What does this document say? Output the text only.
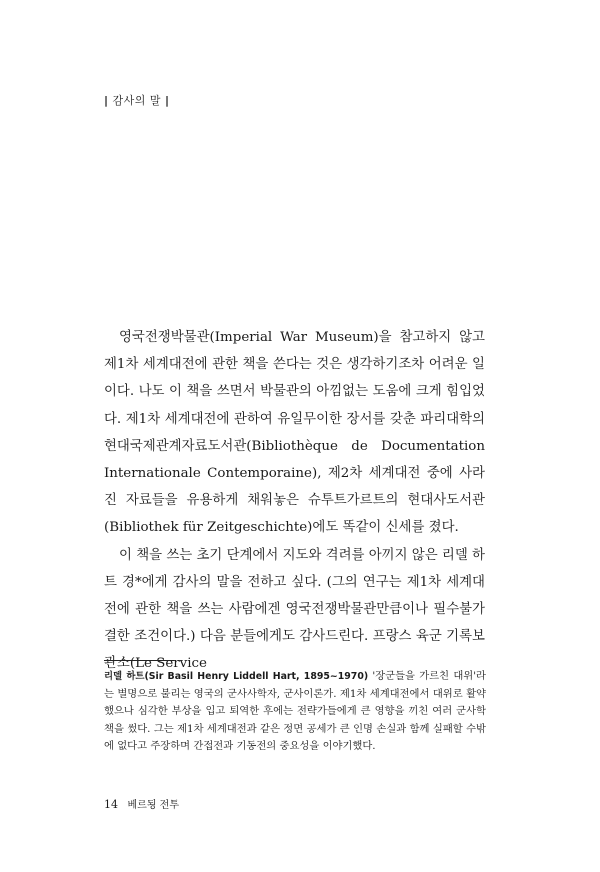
| 감사의 말 |

영국전쟁박물관(Imperial War Museum)을 참고하지 않고 제1차 세계대전에 관한 책을 쓴다는 것은 생각하기조차 어려운 일이다. 나도 이 책을 쓰면서 박물관의 아낌없는 도움에 크게 힘입었다. 제1차 세계대전에 관하여 유일무이한 장서를 갖춘 파리대학의 현대국제관계자료도서관(Bibliothèque de Documentation Internationale Contemporaine), 제2차 세계대전 중에 사라진 자료들을 유용하게 채워놓은 슈투트가르트의 현대사도서관(Bibliothek für Zeitgeschichte)에도 똑같이 신세를 졌다.

이 책을 쓰는 초기 단계에서 지도와 격려를 아끼지 않은 리델 하트 경*에게 감사의 말을 전하고 싶다. (그의 연구는 제1차 세계대전에 관한 책을 쓰는 사람에겐 영국전쟁박물관만큼이나 필수불가결한 조건이다.) 다음 분들에게도 감사드린다. 프랑스 육군 기록보관소(Le Service

리델 하트(Sir Basil Henry Liddell Hart, 1895~1970) '장군들을 가르친 대위'라는 별명으로 불리는 영국의 군사사학자, 군사이론가. 제1차 세계대전에서 대위로 활약했으나 심각한 부상을 입고 퇴역한 후에는 전략가들에게 큰 영향을 끼친 여러 군사학 책을 썼다. 그는 제1차 세계대전과 같은 정면 공세가 큰 인명 손실과 함께 실패할 수밖에 없다고 주장하며 간접전과 기동전의 중요성을 이야기했다.

14 베르됭 전투
